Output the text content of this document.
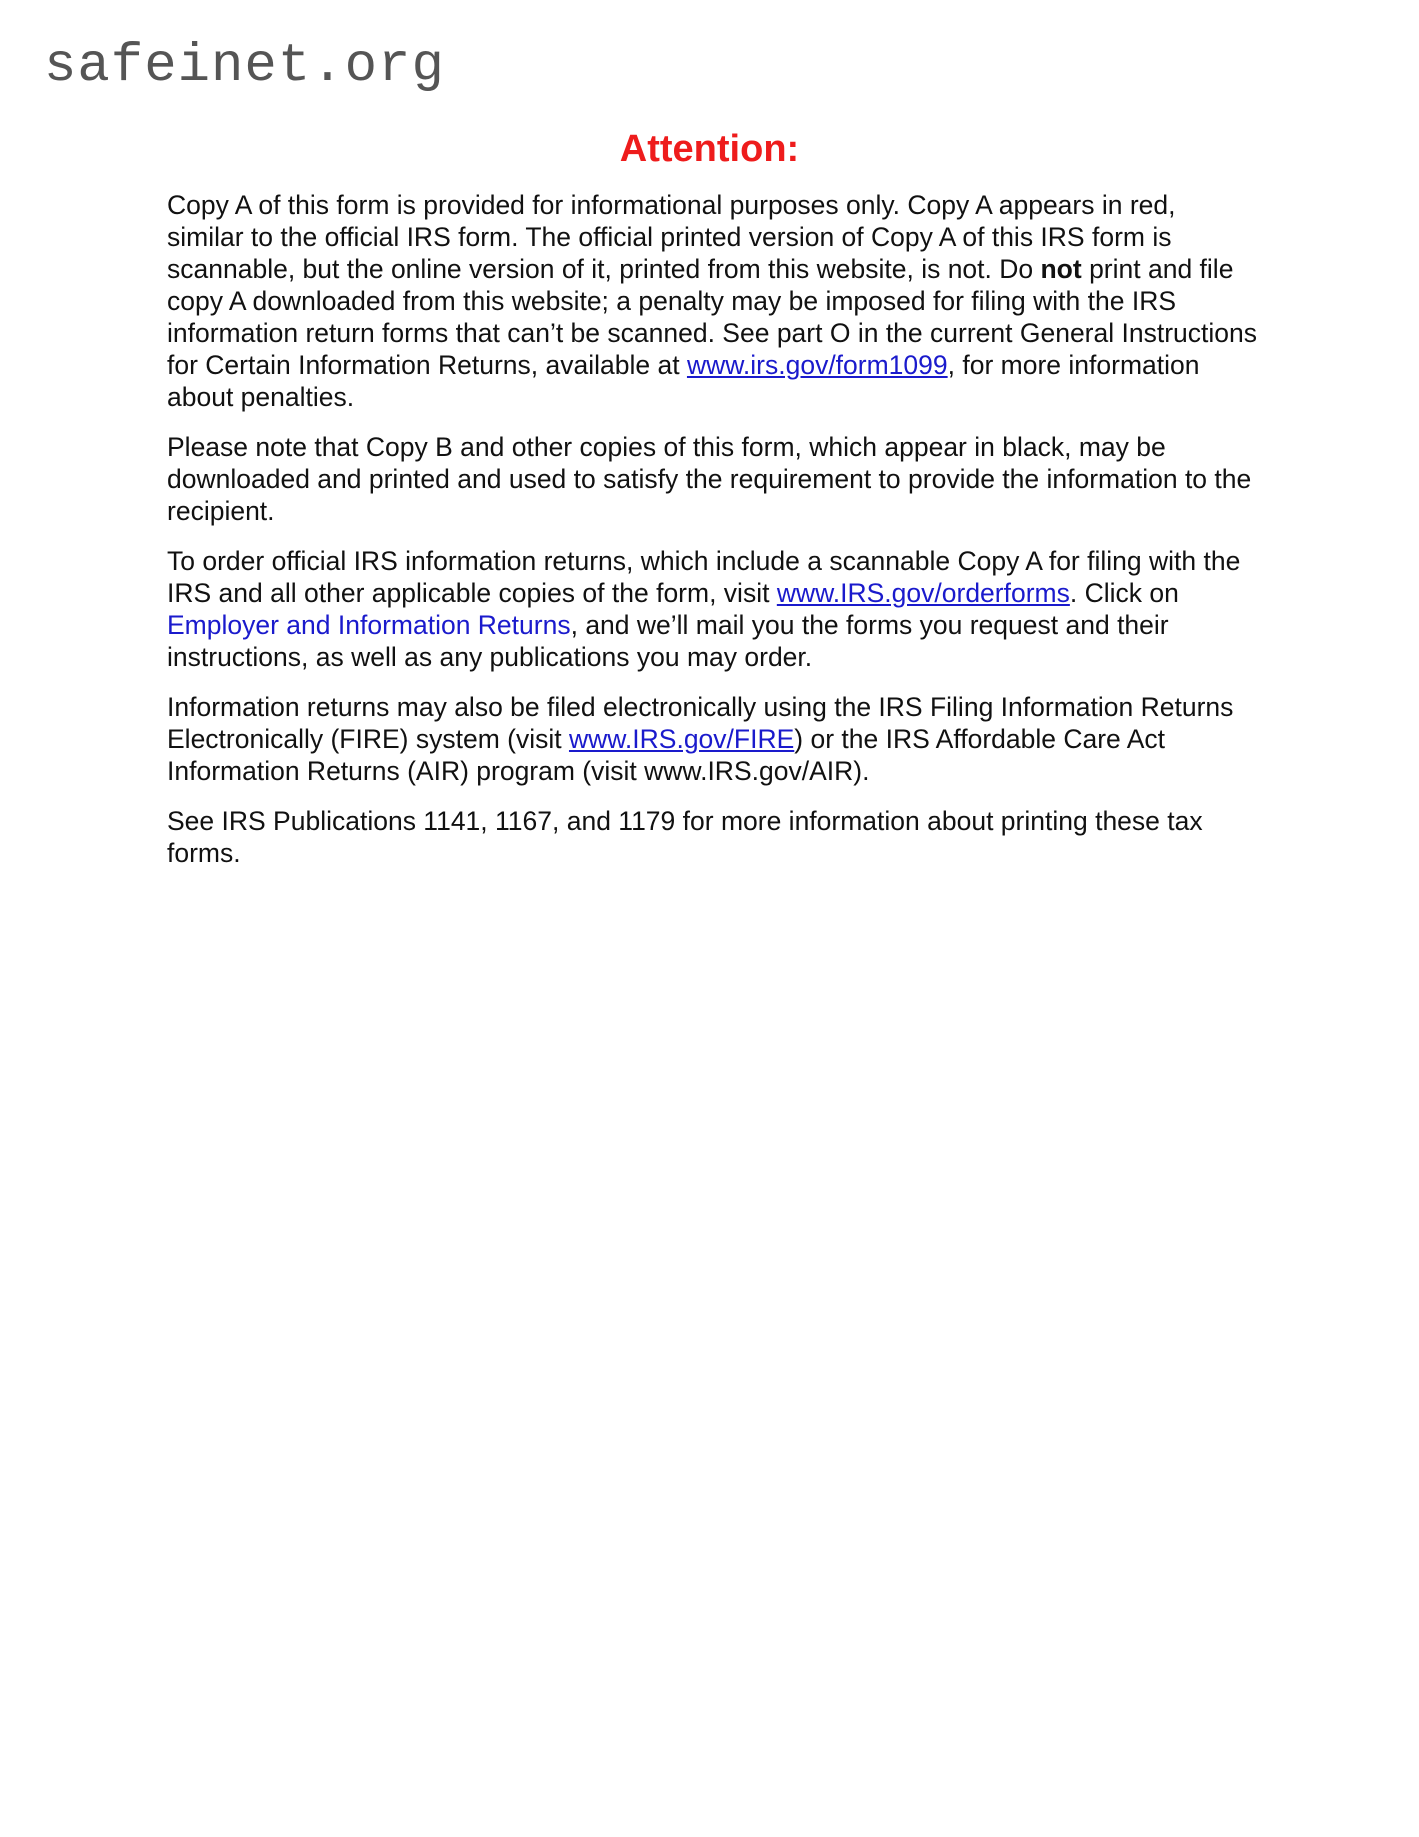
safeinet.org
Attention:

Copy A of this form is provided for informational purposes only. Copy A appears in red, similar to the official IRS form. The official printed version of Copy A of this IRS form is scannable, but the online version of it, printed from this website, is not. Do not print and file copy A downloaded from this website; a penalty may be imposed for filing with the IRS information return forms that can’t be scanned. See part O in the current General Instructions for Certain Information Returns, available at www.irs.gov/form1099, for more information about penalties.

Please note that Copy B and other copies of this form, which appear in black, may be downloaded and printed and used to satisfy the requirement to provide the information to the recipient.

To order official IRS information returns, which include a scannable Copy A for filing with the IRS and all other applicable copies of the form, visit www.IRS.gov/orderforms. Click on Employer and Information Returns, and we’ll mail you the forms you request and their instructions, as well as any publications you may order.

Information returns may also be filed electronically using the IRS Filing Information Returns Electronically (FIRE) system (visit www.IRS.gov/FIRE) or the IRS Affordable Care Act Information Returns (AIR) program (visit www.IRS.gov/AIR).

See IRS Publications 1141, 1167, and 1179 for more information about printing these tax forms.
